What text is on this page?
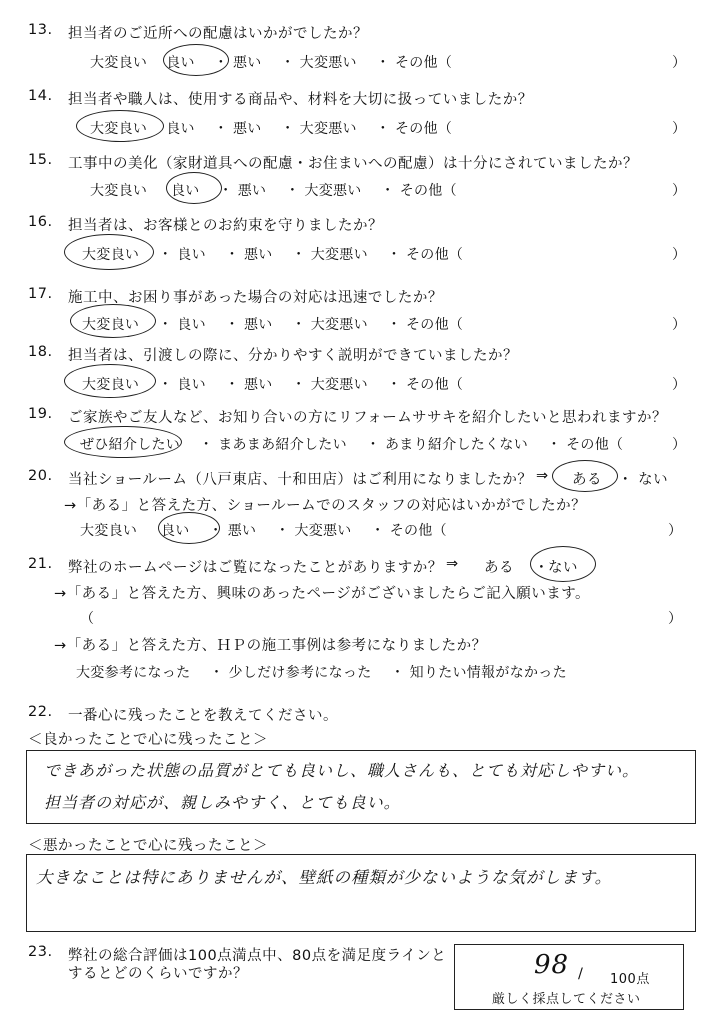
13. 担当者のご近所への配慮はいかがでしたか？
大変良い　 良い 　・ 悪い 　・ 大変悪い 　・ その他（	）
14. 担当者や職人は、使用する商品や、材料を大切に扱っていましたか？
大変良い　 良い 　・ 悪い 　・ 大変悪い 　・ その他（	）
15. 工事中の美化（家財道具への配慮・お住まいへの配慮）は十分にされていましたか？
大変良い 　 良い 　・ 悪い 　・ 大変悪い 　・ その他（	）
16. 担当者は、お客様とのお約束を守りましたか？
大変良い 　・ 良い 　・ 悪い 　・ 大変悪い 　・ その他（	）
17. 施工中、お困り事があった場合の対応は迅速でしたか？
大変良い 　・ 良い 　・ 悪い 　・ 大変悪い 　・ その他（	）
18. 担当者は、引渡しの際に、分かりやすく説明ができていましたか？
大変良い 　・ 良い 　・ 悪い 　・ 大変悪い 　・ その他（	）
19. ご家族やご友人など、お知り合いの方にリフォームササキを紹介したいと思われますか？
ぜひ紹介したい 　・ まあまあ紹介したい 　・ あまり紹介したくない 　・ その他（	）
20. 当社ショールーム（八戸東店、十和田店）はご利用になりましたか？ ⇒ ある ・ ない
→「ある」と答えた方、ショールームでのスタッフの対応はいかがでしたか？
大変良い 　 良い 　・ 悪い 　・ 大変悪い 　・ その他（	）
21. 弊社のホームページはご覧になったことがありますか？ ⇒ ある 　・
ない
→「ある」と答えた方、興味のあったページがございましたらご記入願います。
（	）
→「ある」と答えた方、ＨＰの施工事例は参考になりましたか？
大変参考になった 　・ 少しだけ参考になった 　・ 知りたい情報がなかった
22. 一番心に残ったことを教えてください。
＜良かったことで心に残ったこと＞
できあがった状態の品質がとても良いし、職人さんも、とても対応しやすい。
担当者の対応が、親しみやすく、とても良い。
＜悪かったことで心に残ったこと＞
大きなことは特にありませんが、壁紙の種類が少ないような気がします。
23. 弊社の総合評価は100点満点中、80点を満足度ラインと
するとどのくらいですか？	98 / 100点
厳しく採点してください
